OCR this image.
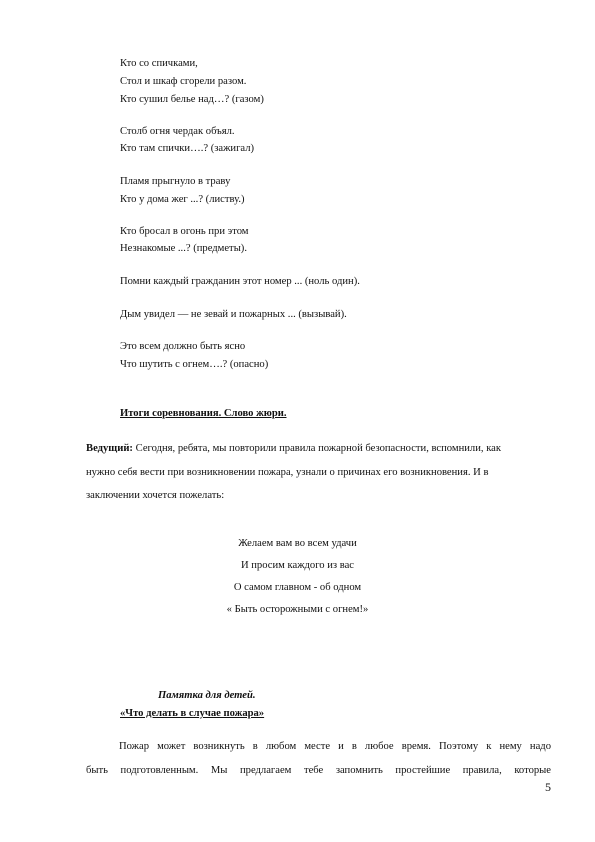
Кто со спичками,
Стол и шкаф сгорели разом.
Кто сушил белье над…? (газом)
Столб огня чердак объял.
Кто там спички….? (зажигал)
Пламя прыгнуло в траву
Кто у дома жег ...? (листву.)
Кто бросал в огонь при этом
Незнакомые ...? (предметы).
Помни каждый гражданин этот номер ... (ноль один).
Дым увидел — не зевай и пожарных ... (вызывай).
Это всем должно быть ясно
Что шутить с огнем….? (опасно)
Итоги соревнования. Слово жюри.
Ведущий: Сегодня, ребята, мы повторили правила пожарной безопасности, вспомнили, как
нужно себя вести при возникновении пожара, узнали о причинах его возникновения. И в
заключении хочется пожелать:
Желаем вам во всем удачи
И просим каждого из вас
О самом главном - об одном
« Быть осторожными с огнем!»
Памятка для детей.
«Что делать в случае пожара»
Пожар может возникнуть в любом месте и в любое время. Поэтому к нему надо
быть подготовленным. Мы предлагаем тебе запомнить простейшие правила, которые
5
